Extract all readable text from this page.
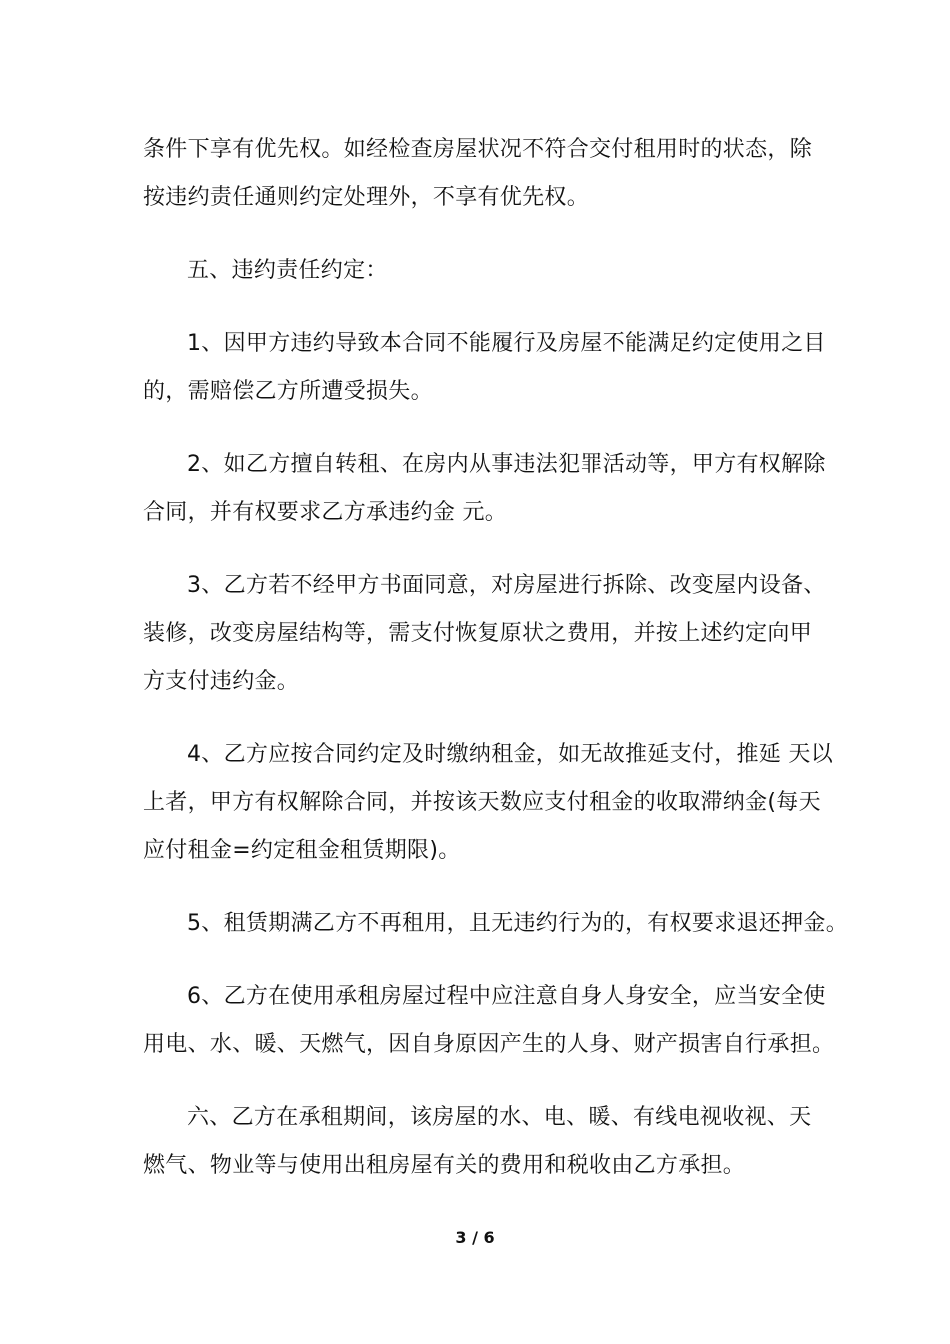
条件下享有优先权。如经检查房屋状况不符合交付租用时的状态，除
按违约责任通则约定处理外，不享有优先权。

五、违约责任约定：

1、因甲方违约导致本合同不能履行及房屋不能满足约定使用之目
的，需赔偿乙方所遭受损失。

2、如乙方擅自转租、在房内从事违法犯罪活动等，甲方有权解除
合同，并有权要求乙方承违约金 元。

3、乙方若不经甲方书面同意，对房屋进行拆除、改变屋内设备、
装修，改变房屋结构等，需支付恢复原状之费用，并按上述约定向甲
方支付违约金。

4、乙方应按合同约定及时缴纳租金，如无故推延支付，推延 天以
上者，甲方有权解除合同，并按该天数应支付租金的收取滞纳金(每天
应付租金=约定租金租赁期限)。

5、租赁期满乙方不再租用，且无违约行为的，有权要求退还押金。

6、乙方在使用承租房屋过程中应注意自身人身安全，应当安全使
用电、水、暖、天燃气，因自身原因产生的人身、财产损害自行承担。

六、乙方在承租期间，该房屋的水、电、暖、有线电视收视、天
燃气、物业等与使用出租房屋有关的费用和税收由乙方承担。

3 / 6
